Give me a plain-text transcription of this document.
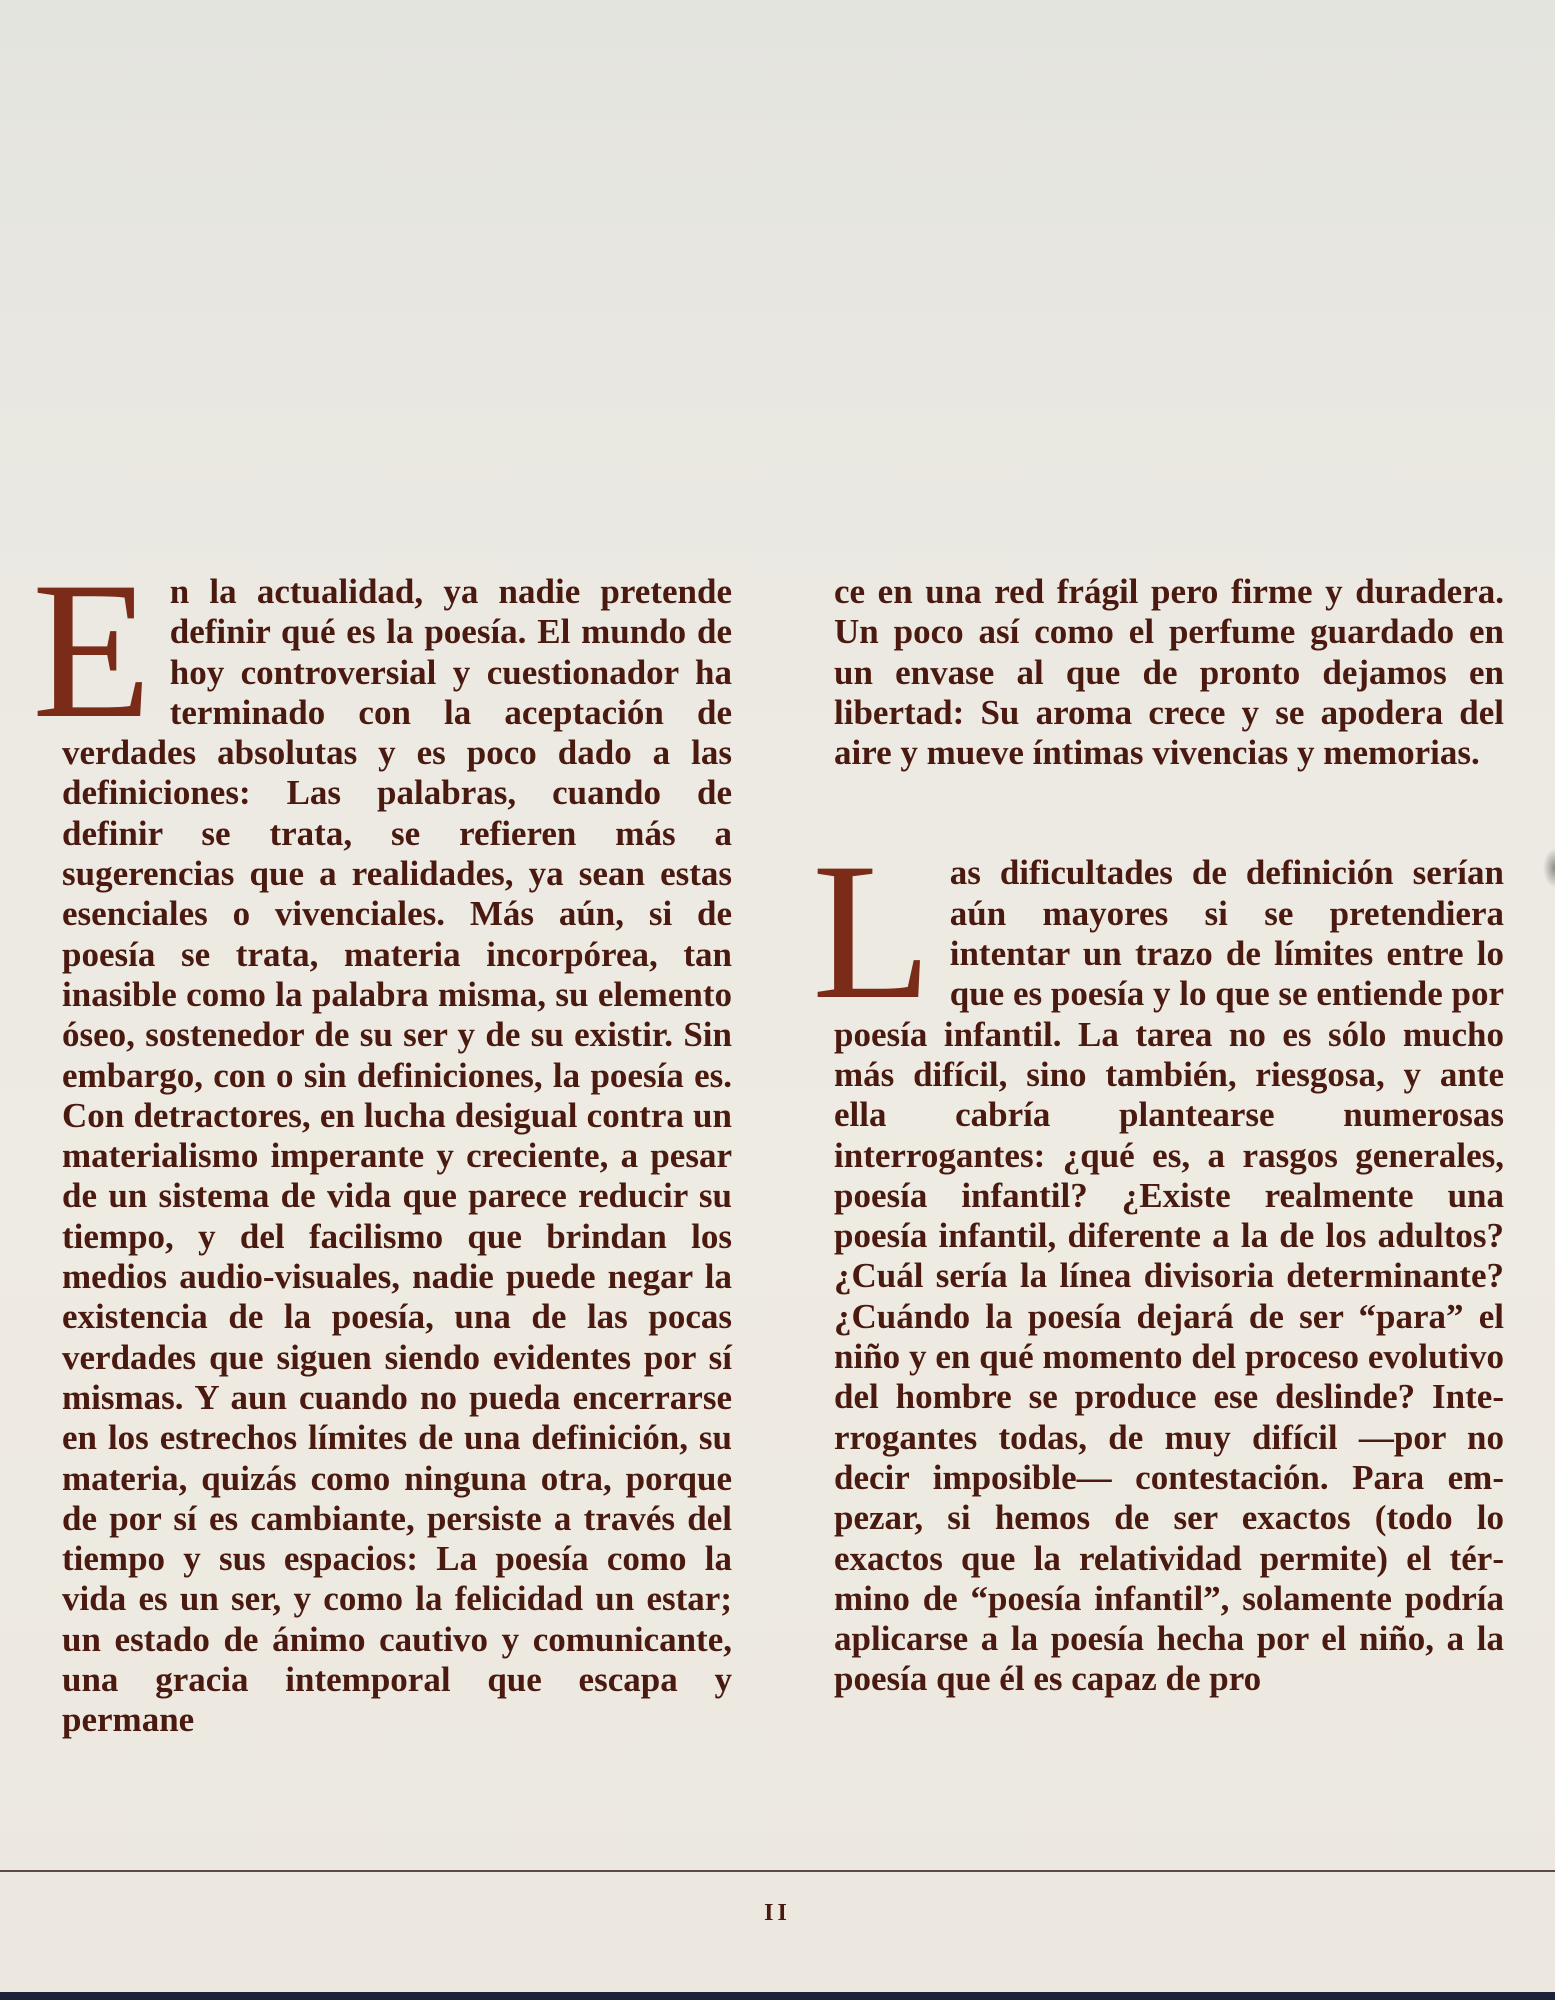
En la actualidad, ya nadie pretende definir qué es la poesía. El mundo de hoy controversial y cuestionador ha terminado con la aceptación de verdades absolutas y es poco dado a las definiciones: Las palabras, cuando de definir se trata, se refieren más a sugerencias que a realidades, ya sean estas esenciales o vivenciales. Más aún, si de poesía se trata, materia incorpórea, tan inasible como la palabra misma, su elemento óseo, sostenedor de su ser y de su existir. Sin embargo, con o sin definiciones, la poesía es. Con detractores, en lucha desigual contra un materialismo imperante y creciente, a pesar de un sistema de vida que parece reducir su tiempo, y del facilismo que brindan los medios audio-visuales, nadie puede negar la existencia de la poesía, una de las pocas verdades que siguen siendo evidentes por sí mismas. Y aun cuando no pueda encerrarse en los estrechos límites de una definición, su materia, quizás como ninguna otra, porque de por sí es cambiante, persiste a través del tiempo y sus espacios: La poesía como la vida es un ser, y como la felicidad un estar; un estado de ánimo cautivo y comunicante, una gracia intemporal que escapa y permane

ce en una red frágil pero firme y duradera. Un poco así como el perfume guardado en un envase al que de pronto dejamos en libertad: Su aroma crece y se apodera del aire y mueve íntimas vivencias y memorias.

Las dificultades de definición serían aún mayores si se pretendiera intentar un trazo de límites entre lo que es poesía y lo que se entiende por poesía infantil. La tarea no es sólo mucho más difícil, sino también, riesgosa, y ante ella cabría plantearse numerosas interrogantes: ¿qué es, a rasgos generales, poesía infantil? ¿Existe realmente una poesía infantil, diferente a la de los adultos? ¿Cuál sería la línea divisoria determinante? ¿Cuándo la poesía dejará de ser “para” el niño y en qué momento del proceso evolutivo del hombre se produce ese deslinde? Interrogantes todas, de muy difícil —por no decir imposible— contestación. Para empezar, si hemos de ser exactos (todo lo exactos que la relatividad permite) el término de “poesía infantil”, solamente podría aplicarse a la poesía hecha por el niño, a la poesía que él es capaz de pro

II
